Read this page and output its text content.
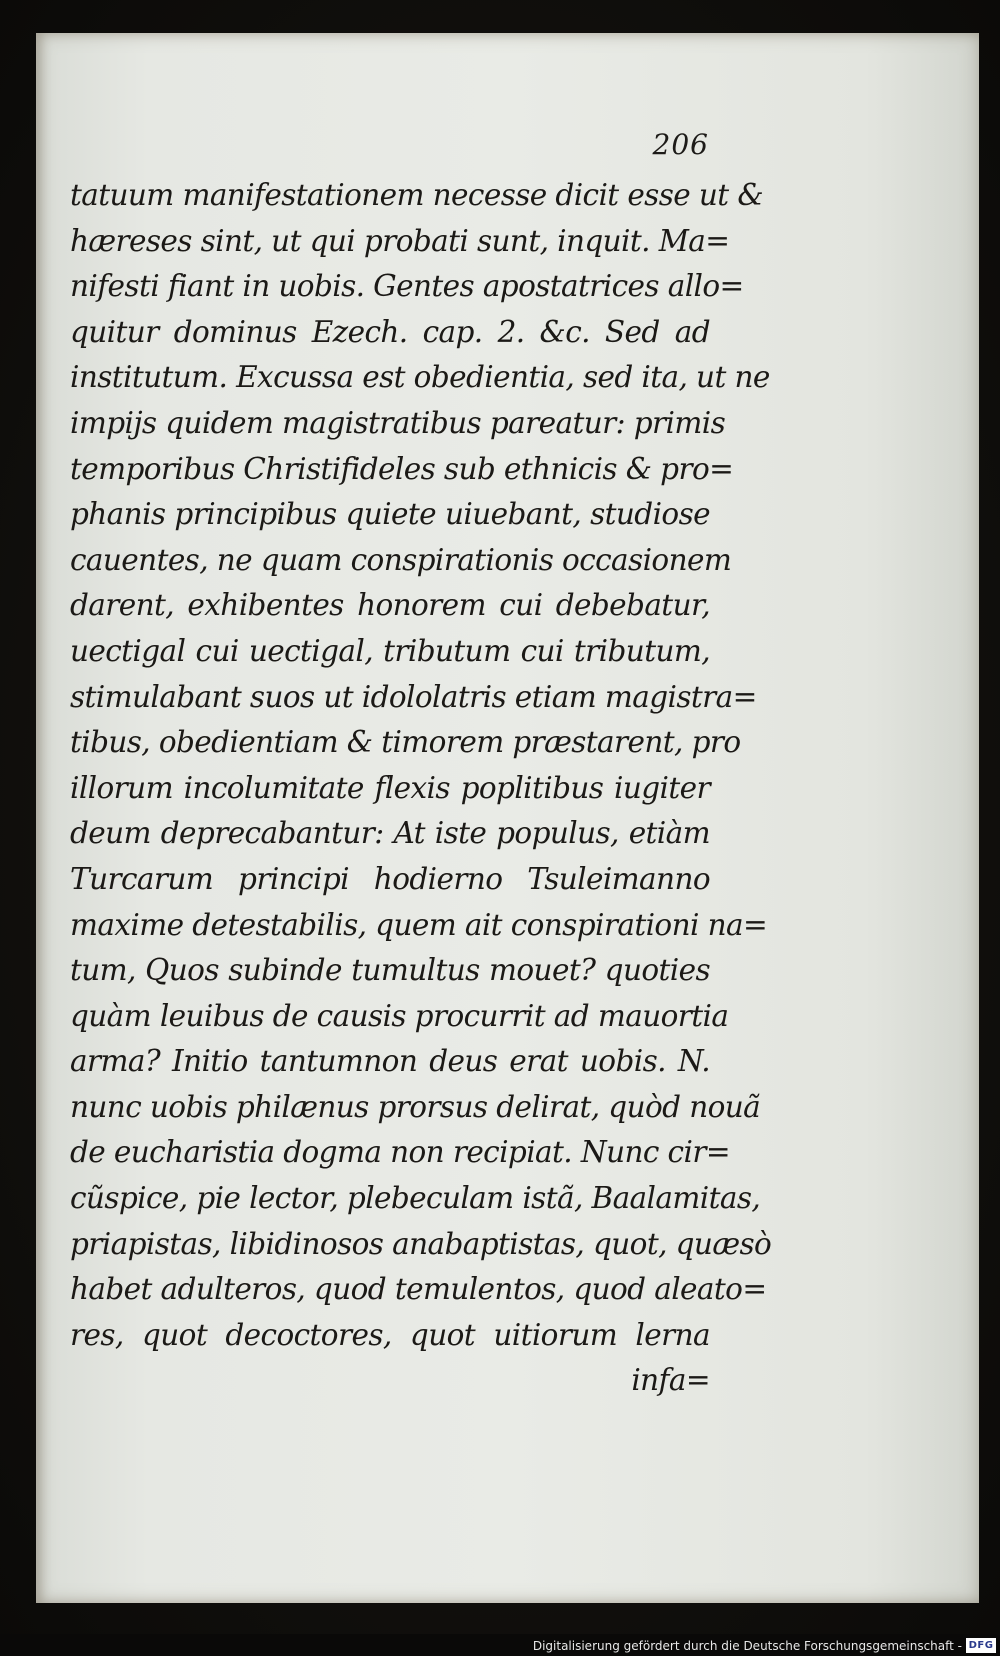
206
tatuum manifestationem necesse dicit esse ut &
hæreses sint, ut qui probati sunt, inquit. Ma=
nifesti fiant in uobis. Gentes apostatrices allo=
quitur dominus Ezech. cap. 2. &c. Sed ad
institutum. Excussa est obedientia, sed ita, ut ne
impijs quidem magistratibus pareatur: primis
temporibus Christifideles sub ethnicis & pro=
phanis principibus quiete uiuebant, studiose
cauentes, ne quam conspirationis occasionem
darent, exhibentes honorem cui debebatur,
uectigal cui uectigal, tributum cui tributum,
stimulabant suos ut idololatris etiam magistra=
tibus, obedientiam & timorem præstarent, pro
illorum incolumitate flexis poplitibus iugiter
deum deprecabantur: At iste populus, etiàm
Turcarum principi hodierno Tsuleimanno
maxime detestabilis, quem ait conspirationi na=
tum, Quos subinde tumultus mouet? quoties
quàm leuibus de causis procurrit ad mauortia
arma? Initio tantumnon deus erat uobis. N.
nunc uobis philænus prorsus delirat, quòd nouã
de eucharistia dogma non recipiat. Nunc cir=
cũspice, pie lector, plebeculam istã, Baalamitas,
priapistas, libidinosos anabaptistas, quot, quæsò
habet adulteros, quod temulentos, quod aleato=
res, quot decoctores, quot uitiorum lerna
infa=
Digitalisierung gefördert durch die Deutsche Forschungsgemeinschaft - DFG
